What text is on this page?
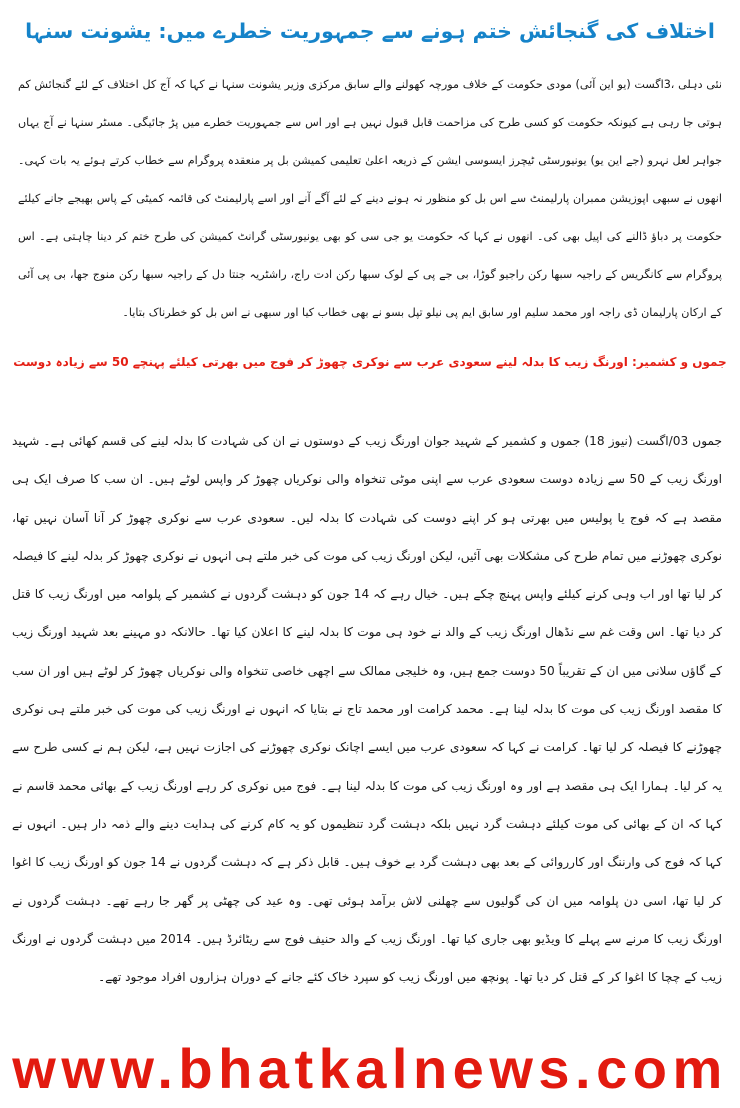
اختلاف کی گنجائش ختم ہونے سے جمہوریت خطرے میں: یشونت سنہا
نئی دہلی ،3اگست (یو این آئی) مودی حکومت کے خلاف مورچہ کھولنے والے سابق مرکزی وزیر یشونت سنہا نے کہا کہ آج کل اختلاف کے لئے گنجائش کم ہوتی جا رہی ہے کیونکہ حکومت کو کسی طرح کی مزاحمت قابل قبول نہیں ہے اور اس سے جمہوریت خطرے میں پڑ جائیگی۔ مسٹر سنہا نے آج یہاں جواہر لعل نہرو (جے این یو) یونیورسٹی ٹیچرز ایسوسی ایشن کے ذریعہ اعلیٰ تعلیمی کمیشن بل پر منعقدہ پروگرام سے خطاب کرتے ہوئے یہ بات کہی۔ انھوں نے سبھی اپوزیشن ممبران پارلیمنٹ سے اس بل کو منظور نہ ہونے دینے کے لئے آگے آنے اور اسے پارلیمنٹ کی قائمہ کمیٹی کے پاس بھیجے جانے کیلئے حکومت پر دباؤ ڈالنے کی اپیل بھی کی۔ انھوں نے کہا کہ حکومت یو جی سی کو بھی یونیورسٹی گرانٹ کمیشن کی طرح ختم کر دینا چاہتی ہے۔ اس پروگرام سے کانگریس کے راجیہ سبھا رکن راجیو گوڑا، بی جے پی کے لوک سبھا رکن ادت راج، راشٹریہ جنتا دل کے راجیہ سبھا رکن منوج جھا، بی پی آئی کے ارکان پارلیمان ڈی راجہ اور محمد سلیم اور سابق ایم پی نیلو تپل بسو نے بھی خطاب کیا اور سبھی نے اس بل کو خطرناک بتایا۔
جموں و کشمیر: اورنگ زیب کا بدلہ لینے سعودی عرب سے نوکری چھوڑ کر فوج میں بھرتی کیلئے پہنچے 50 سے زیادہ دوست
جموں 03/اگست (نیوز 18) جموں و کشمیر کے شہید جوان اورنگ زیب کے دوستوں نے ان کی شہادت کا بدلہ لینے کی قسم کھائی ہے۔ شہید اورنگ زیب کے 50 سے زیادہ دوست سعودی عرب سے اپنی موٹی تنخواہ والی نوکریاں چھوڑ کر واپس لوٹے ہیں۔ ان سب کا صرف ایک ہی مقصد ہے کہ فوج یا پولیس میں بھرتی ہو کر اپنے دوست کی شہادت کا بدلہ لیں۔ سعودی عرب سے نوکری چھوڑ کر آنا آسان نہیں تھا، نوکری چھوڑنے میں تمام طرح کی مشکلات بھی آئیں، لیکن اورنگ زیب کی موت کی خبر ملتے ہی انہوں نے نوکری چھوڑ کر بدلہ لینے کا فیصلہ کر لیا تھا اور اب وہی کرنے کیلئے واپس پہنچ چکے ہیں۔ خیال رہے کہ 14 جون کو دہشت گردوں نے کشمیر کے پلوامہ میں اورنگ زیب کا قتل کر دیا تھا۔ اس وقت غم سے نڈھال اورنگ زیب کے والد نے خود ہی موت کا بدلہ لینے کا اعلان کیا تھا۔ حالانکہ دو مہینے بعد شہید اورنگ زیب کے گاؤں سلانی میں ان کے تقریباً 50 دوست جمع ہیں، وہ خلیجی ممالک سے اچھی خاصی تنخواہ والی نوکریاں چھوڑ کر لوٹے ہیں اور ان سب کا مقصد اورنگ زیب کی موت کا بدلہ لینا ہے۔ محمد کرامت اور محمد تاج نے بتایا کہ انہوں نے اورنگ زیب کی موت کی خبر ملتے ہی نوکری چھوڑنے کا فیصلہ کر لیا تھا۔ کرامت نے کہا کہ سعودی عرب میں ایسے اچانک نوکری چھوڑنے کی اجازت نہیں ہے، لیکن ہم نے کسی طرح سے یہ کر لیا۔ ہمارا ایک ہی مقصد ہے اور وہ اورنگ زیب کی موت کا بدلہ لینا ہے۔ فوج میں نوکری کر رہے اورنگ زیب کے بھائی محمد قاسم نے کہا کہ ان کے بھائی کی موت کیلئے دہشت گرد نہیں بلکہ دہشت گرد تنظیموں کو یہ کام کرنے کی ہدایت دینے والے ذمہ دار ہیں۔ انہوں نے کہا کہ فوج کی وارننگ اور کارروائی کے بعد بھی دہشت گرد بے خوف ہیں۔ قابل ذکر ہے کہ دہشت گردوں نے 14 جون کو اورنگ زیب کا اغوا کر لیا تھا، اسی دن پلوامہ میں ان کی گولیوں سے چھلنی لاش برآمد ہوئی تھی۔ وہ عید کی چھٹی پر گھر جا رہے تھے۔ دہشت گردوں نے اورنگ زیب کا مرنے سے پہلے کا ویڈیو بھی جاری کیا تھا۔ اورنگ زیب کے والد حنیف فوج سے ریٹائرڈ ہیں۔ 2014 میں دہشت گردوں نے اورنگ زیب کے چچا کا اغوا کر کے قتل کر دیا تھا۔ پونچھ میں اورنگ زیب کو سپرد خاک کئے جانے کے دوران ہزاروں افراد موجود تھے۔
www.bhatkalnews.com
